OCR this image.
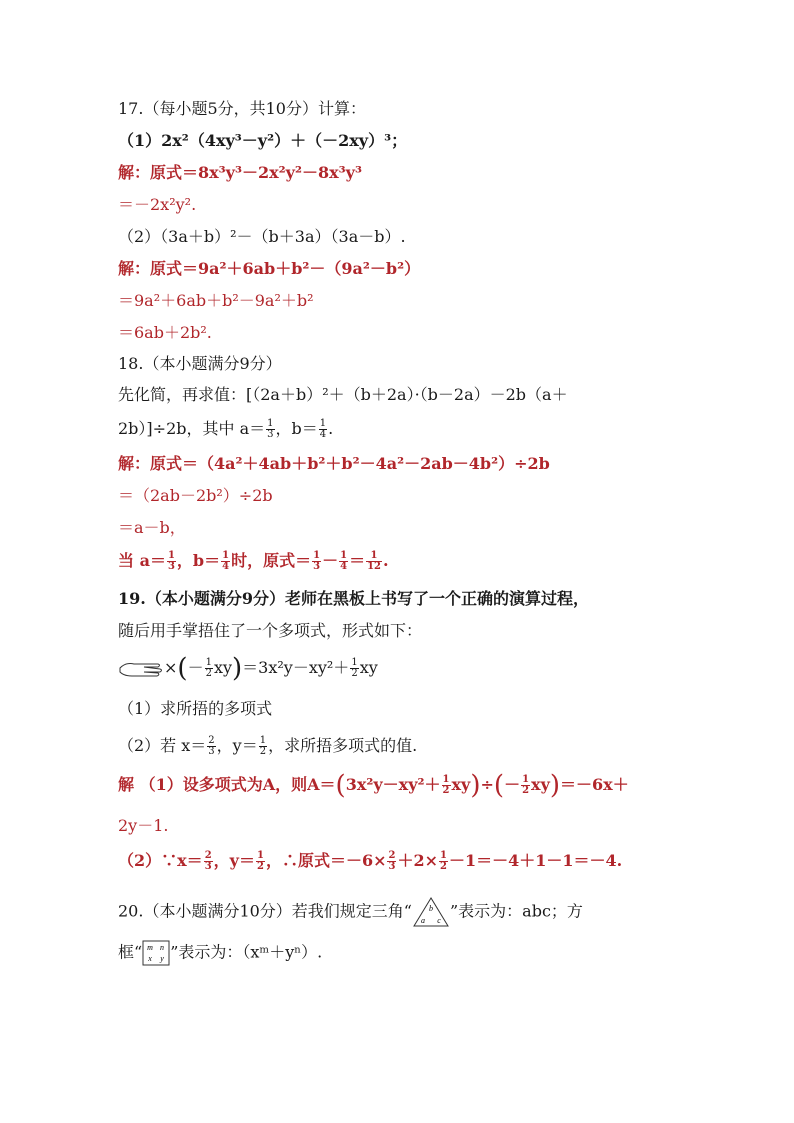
17.（每小题5分，共10分）计算：
（1）2x²（4xy³－y²）＋（－2xy）³；
解：原式＝8x³y³－2x²y²－8x³y³
＝－2x²y².
（2）（3a＋b）²－（b＋3a）（3a－b）.
解：原式＝9a²＋6ab＋b²－（9a²－b²）
＝9a²＋6ab＋b²－9a²＋b²
＝6ab＋2b².
18.（本小题满分9分）
先化简，再求值：[（2a＋b）²＋（b＋2a）·（b－2a）－2b（a＋
2b）]÷2b，其中 $a= \frac{1}{3}$ ，$b= \frac{1}{4}$ .
解：原式＝（4a²＋4ab＋b²＋b²－4a²－2ab－4b²）÷2b
＝（2ab－2b²）÷2b
＝a－b，
当 $a= \frac{1}{3}$ ，$b= \frac{1}{4}$ 时，原式＝ $\frac{1}{3} - \frac{1}{4} = \frac{1}{12}$ .
19.（本小题满分9分）老师在黑板上书写了一个正确的演算过程，
随后用手掌捂住了一个多项式，形式如下：
×(－ $\frac{1}{2} xy)=3x^2y-xy^2+ \frac{1}{2}$ xy
（1）求所捂的多项式
（2）若 $x= \frac{2}{3}$ ，$y= \frac{1}{2}$ ，求所捂多项式的值.
解 （1）设多项式为A，则$A=(3x^2y-xy^2+ \frac{1}{2} xy)\div(- \frac{1}{2} xy)=-6x+$
2y－1.
（2）∵x＝ $\frac{2}{3}$ ，$y= \frac{1}{2}$ ，∴原式$=-6\times \frac{2}{3} +2\times \frac{1}{2} -1=-4+1-1=-4$.
20.（本小题满分10分）若我们规定三角“ b
a c ”表示为：abc；方
框“ m n
x y ”表示为：（xᵐ＋yⁿ）.
